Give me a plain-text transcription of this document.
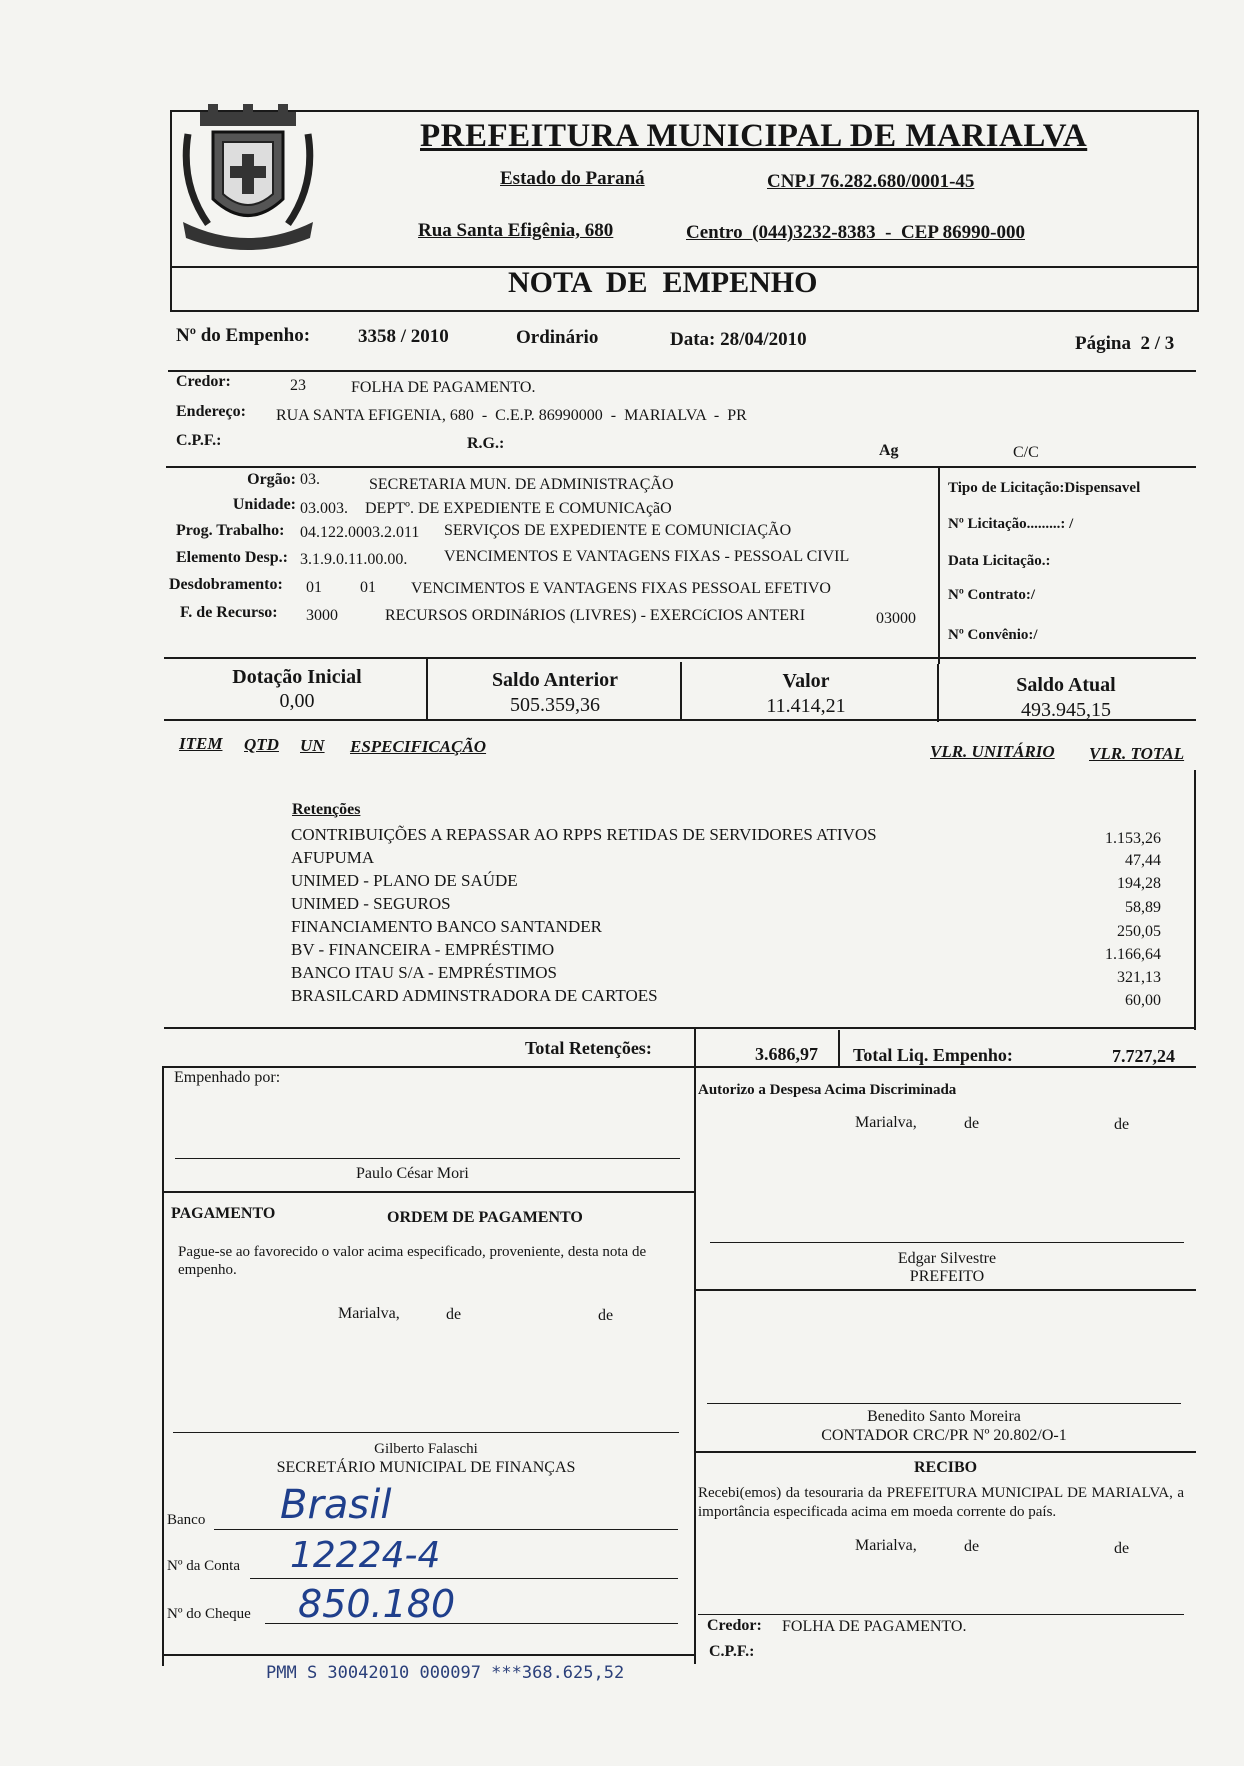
PREFEITURA MUNICIPAL DE MARIALVA
Estado do Paraná	CNPJ 76.282.680/0001-45
Rua Santa Efigênia, 680	Centro  (044)3232-8383  -  CEP 86990-000
NOTA  DE  EMPENHO
Nº do Empenho:	3358 / 2010	Ordinário	Data: 28/04/2010	Página  2 / 3
Credor:	23	FOLHA DE PAGAMENTO.
Endereço: RUA SANTA EFIGENIA, 680  -  C.E.P. 86990000  -  MARIALVA  -  PR
C.P.F.:	R.G.:	Ag	C/C
Orgão: 03.	SECRETARIA MUN. DE ADMINISTRAÇÃO
Unidade: 03.003. DEPTº. DE EXPEDIENTE E COMUNICAçãO
Prog. Trabalho: 04.122.0003.2.011 SERVIÇOS DE EXPEDIENTE E COMUNICIAÇÃO
Elemento Desp.: 3.1.9.0.11.00.00. VENCIMENTOS E VANTAGENS FIXAS - PESSOAL CIVIL
Desdobramento: 01 01 VENCIMENTOS E VANTAGENS FIXAS PESSOAL EFETIVO
F. de Recurso: 3000	RECURSOS ORDINáRIOS (LIVRES) - EXERCíCIOS ANTERI	03000
Tipo de Licitação:Dispensavel
Nº Licitação.........: /
Data Licitação.:
Nº Contrato:/
Nº Convênio:/
Dotação Inicial
0,00
Saldo Anterior
505.359,36
Valor
11.414,21
Saldo Atual
493.945,15
ITEM QTD UN ESPECIFICAÇÃO	VLR. UNITÁRIO VLR. TOTAL
Retenções
CONTRIBUIÇÕES A REPASSAR AO RPPS RETIDAS DE SERVIDORES ATIVOS	1.153,26
AFUPUMA	47,44
UNIMED - PLANO DE SAÚDE	194,28
UNIMED - SEGUROS	58,89
FINANCIAMENTO BANCO SANTANDER	250,05
BV - FINANCEIRA - EMPRÉSTIMO	1.166,64
BANCO ITAU S/A - EMPRÉSTIMOS	321,13
BRASILCARD ADMINSTRADORA DE CARTOES	60,00
Total Retenções:	3.686,97 Total Liq. Empenho:	7.727,24
Empenhado por:
Paulo César Mori
Autorizo a Despesa Acima Discriminada
Marialva,	de	de
Edgar Silvestre
PREFEITO
Benedito Santo Moreira
CONTADOR CRC/PR Nº 20.802/O-1
PAGAMENTO	ORDEM DE PAGAMENTO
Pague-se ao favorecido o valor acima especificado, proveniente, desta nota de empenho.
Marialva,	de	de
Gilberto Falaschi
SECRETÁRIO MUNICIPAL DE FINANÇAS
Banco Brasil
Nº da Conta 12224-4
Nº do Cheque 850.180
RECIBO
Recebi(emos) da tesouraria da PREFEITURA MUNICIPAL DE MARIALVA, a importância especificada acima em moeda corrente do país.
Marialva,	de	de
Credor: FOLHA DE PAGAMENTO.
C.P.F.:
PMM S 30042010 000097 ***368.625,52
